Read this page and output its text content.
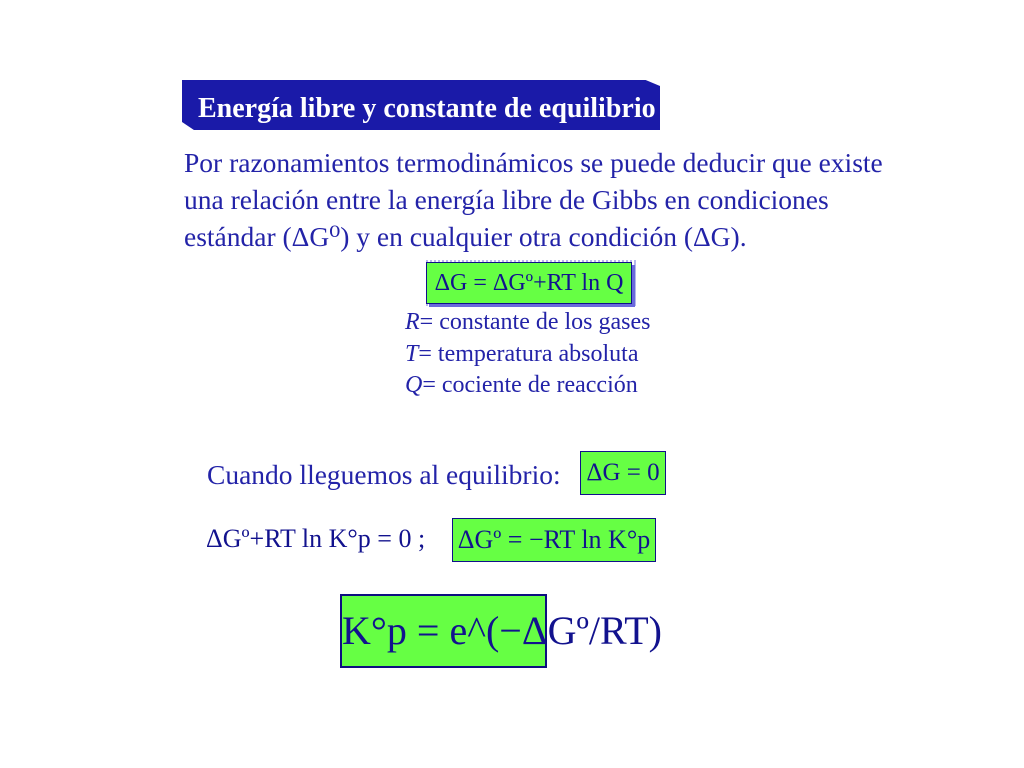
Energía libre y constante de equilibrio
Por razonamientos termodinámicos se puede deducir que existe
una relación entre la energía libre de Gibbs en condiciones
estándar (ΔG⁰) y en cualquier otra condición (ΔG).
ΔG = ΔGº+RT ln Q
R= constante de los gases
T= temperatura absoluta
Q= cociente de reacción
Cuando lleguemos al equilibrio: ΔG = 0
ΔGº+RT ln K°p = 0 ; ΔGº = −RT ln K°p
K°p = e^(−ΔGº/RT)
